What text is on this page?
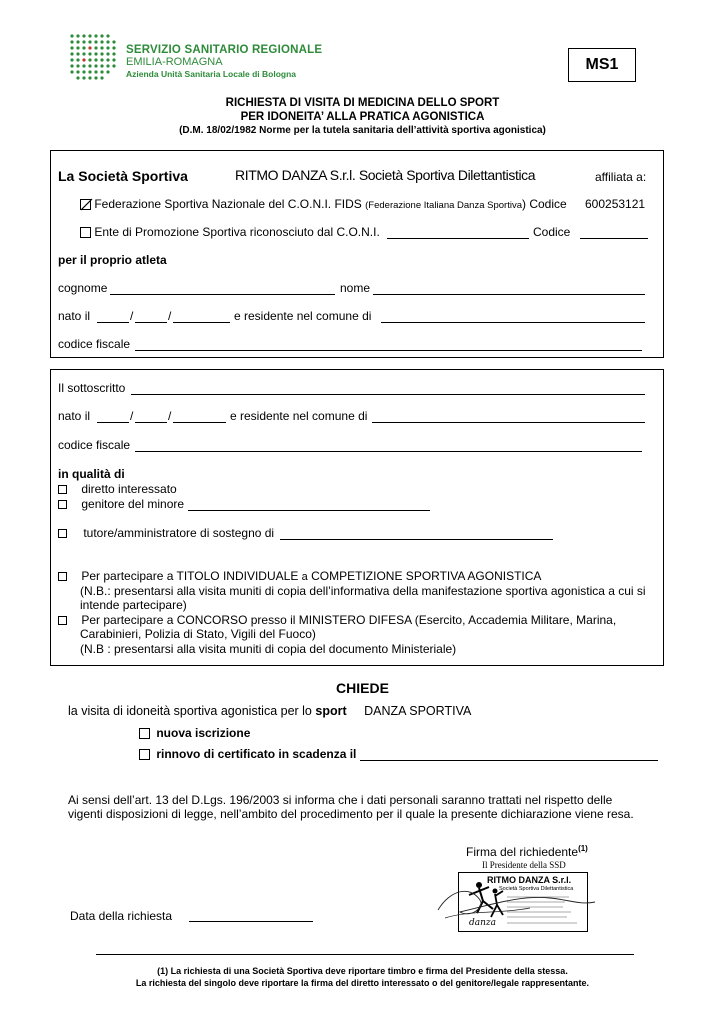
SERVIZIO SANITARIO REGIONALE
EMILIA-ROMAGNA
Azienda Unità Sanitaria Locale di Bologna
MS1
RICHIESTA DI VISITA DI MEDICINA DELLO SPORT
PER IDONEITA’ ALLA PRATICA AGONISTICA
(D.M. 18/02/1982 Norme per la tutela sanitaria dell’attività sportiva agonistica)
La Società Sportiva	RITMO DANZA S.r.l. Società Sportiva Dilettantistica	affiliata a:
Federazione Sportiva Nazionale del C.O.N.I. FIDS (Federazione Italiana Danza Sportiva) Codice 600253121
Ente di Promozione Sportiva riconosciuto dal C.O.N.I.	Codice
per il proprio atleta
cognome	nome
nato il	/	/	e residente nel comune di
codice fiscale
Il sottoscritto
nato il	/	/	e residente nel comune di
codice fiscale
in qualità di
diretto interessato
genitore del minore
tutore/amministratore di sostegno di
Per partecipare a TITOLO INDIVIDUALE a COMPETIZIONE SPORTIVA AGONISTICA
(N.B.: presentarsi alla visita muniti di copia dell’informativa della manifestazione sportiva agonistica a cui si
intende partecipare)
Per partecipare a CONCORSO presso il MINISTERO DIFESA (Esercito, Accademia Militare, Marina,
Carabinieri, Polizia di Stato, Vigili del Fuoco)
(N.B : presentarsi alla visita muniti di copia del documento Ministeriale)
CHIEDE
la visita di idoneità sportiva agonistica per lo sport DANZA SPORTIVA
nuova iscrizione
rinnovo di certificato in scadenza il
Ai sensi dell’art. 13 del D.Lgs. 196/2003 si informa che i dati personali saranno trattati nel rispetto delle
vigenti disposizioni di legge, nell’ambito del procedimento per il quale la presente dichiarazione viene resa.
Firma del richiedente$^{(1)}$
Il Presidente della SSD
RITMO DANZA S.r.l.
Società Sportiva Dilettantistica
danza
Data della richiesta
(1) La richiesta di una Società Sportiva deve riportare timbro e firma del Presidente della stessa.
La richiesta del singolo deve riportare la firma del diretto interessato o del genitore/legale rappresentante.
